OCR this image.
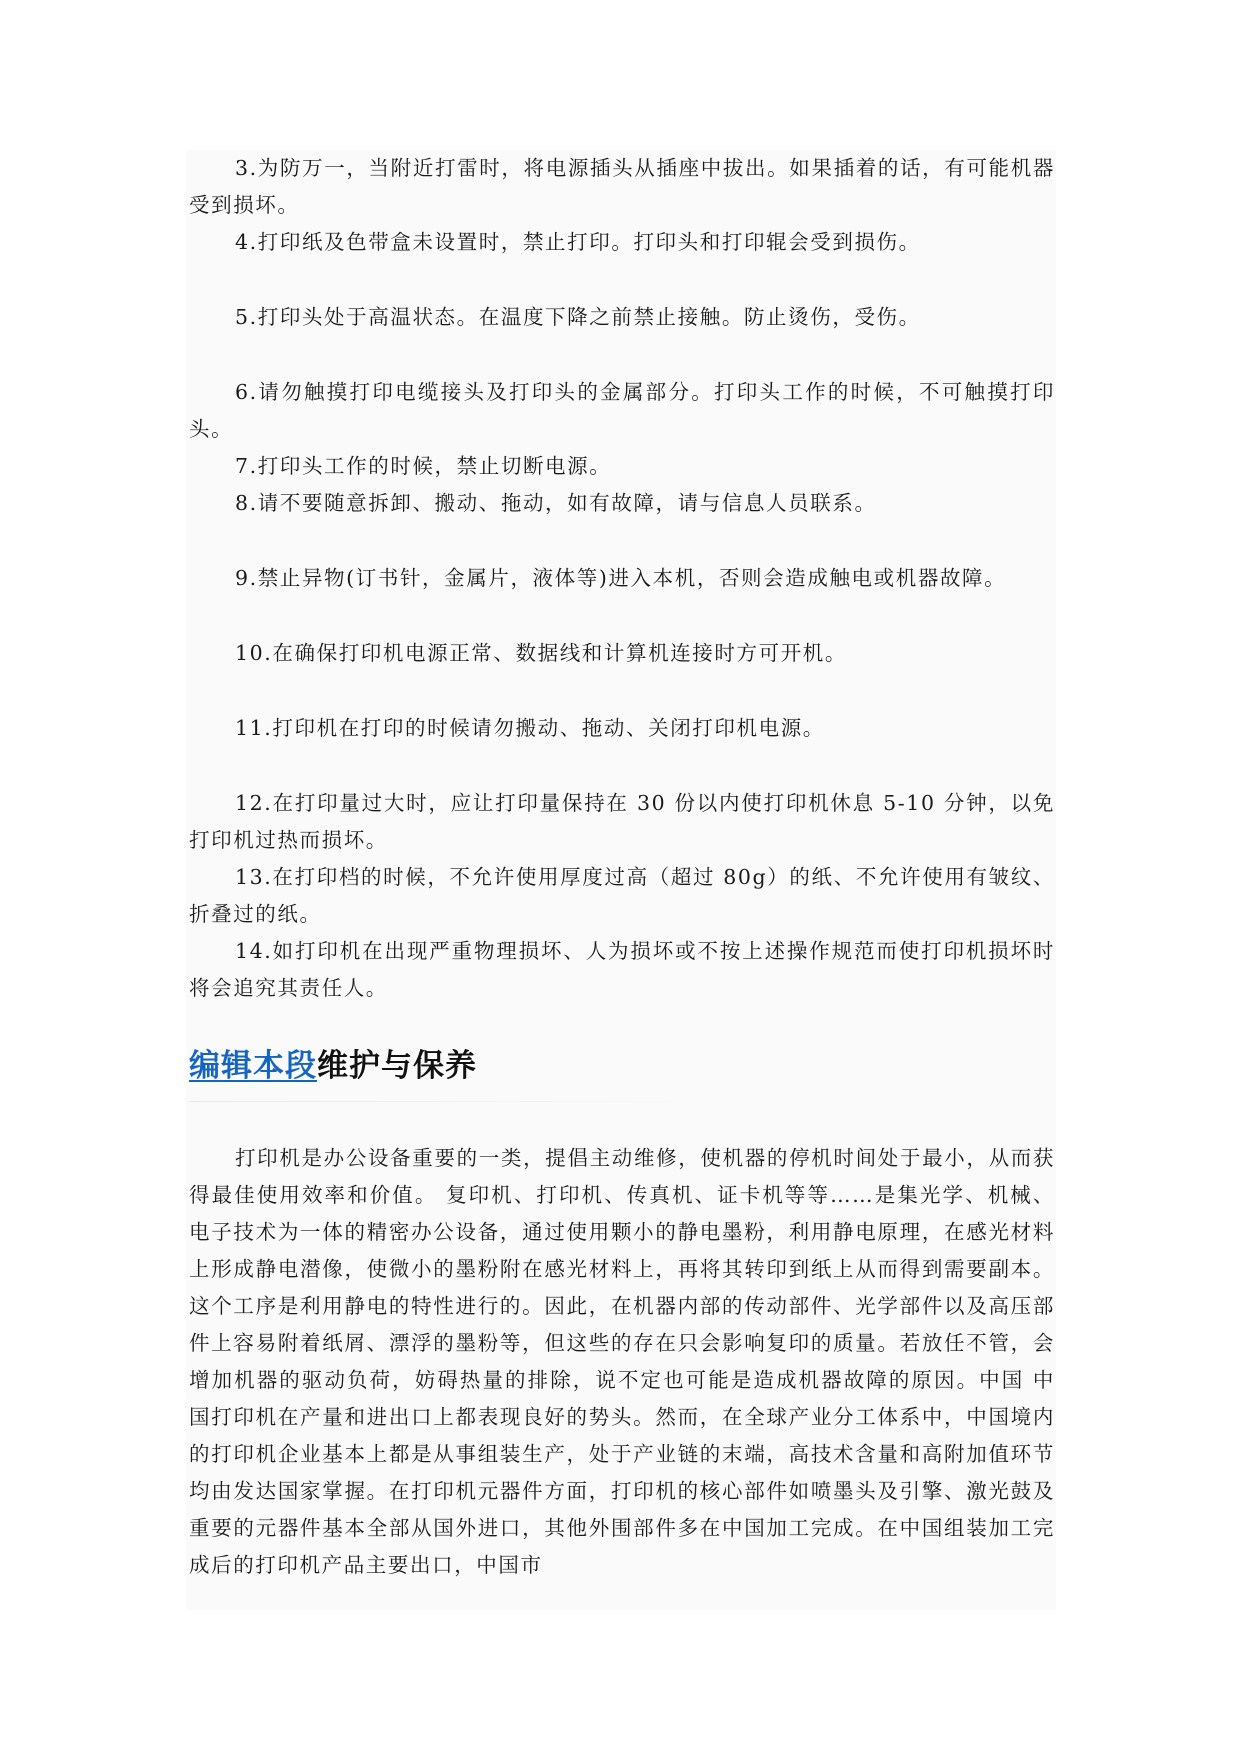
3.为防万一，当附近打雷时，将电源插头从插座中拔出。如果插着的话，有可能机器受到损坏。

4.打印纸及色带盒未设置时，禁止打印。打印头和打印辊会受到损伤。

5.打印头处于高温状态。在温度下降之前禁止接触。防止烫伤，受伤。

6.请勿触摸打印电缆接头及打印头的金属部分。打印头工作的时候，不可触摸打印头。

7.打印头工作的时候，禁止切断电源。

8.请不要随意拆卸、搬动、拖动，如有故障，请与信息人员联系。

9.禁止异物(订书针，金属片，液体等)进入本机，否则会造成触电或机器故障。

10.在确保打印机电源正常、数据线和计算机连接时方可开机。

11.打印机在打印的时候请勿搬动、拖动、关闭打印机电源。

12.在打印量过大时，应让打印量保持在 30 份以内使打印机休息 5-10 分钟，以免打印机过热而损坏。

13.在打印档的时候，不允许使用厚度过高（超过 80g）的纸、不允许使用有皱纹、折叠过的纸。

14.如打印机在出现严重物理损坏、人为损坏或不按上述操作规范而使打印机损坏时将会追究其责任人。

编辑本段维护与保养

打印机是办公设备重要的一类，提倡主动维修，使机器的停机时间处于最小，从而获得最佳使用效率和价值。 复印机、打印机、传真机、证卡机等等……是集光学、机械、电子技术为一体的精密办公设备，通过使用颗小的静电墨粉，利用静电原理，在感光材料上形成静电潜像，使微小的墨粉附在感光材料上，再将其转印到纸上从而得到需要副本。这个工序是利用静电的特性进行的。因此，在机器内部的传动部件、光学部件以及高压部件上容易附着纸屑、漂浮的墨粉等，但这些的存在只会影响复印的质量。若放任不管，会增加机器的驱动负荷，妨碍热量的排除，说不定也可能是造成机器故障的原因。中国 中国打印机在产量和进出口上都表现良好的势头。然而，在全球产业分工体系中，中国境内的打印机企业基本上都是从事组装生产，处于产业链的末端，高技术含量和高附加值环节均由发达国家掌握。在打印机元器件方面，打印机的核心部件如喷墨头及引擎、激光鼓及重要的元器件基本全部从国外进口，其他外围部件多在中国加工完成。在中国组装加工完成后的打印机产品主要出口，中国市
